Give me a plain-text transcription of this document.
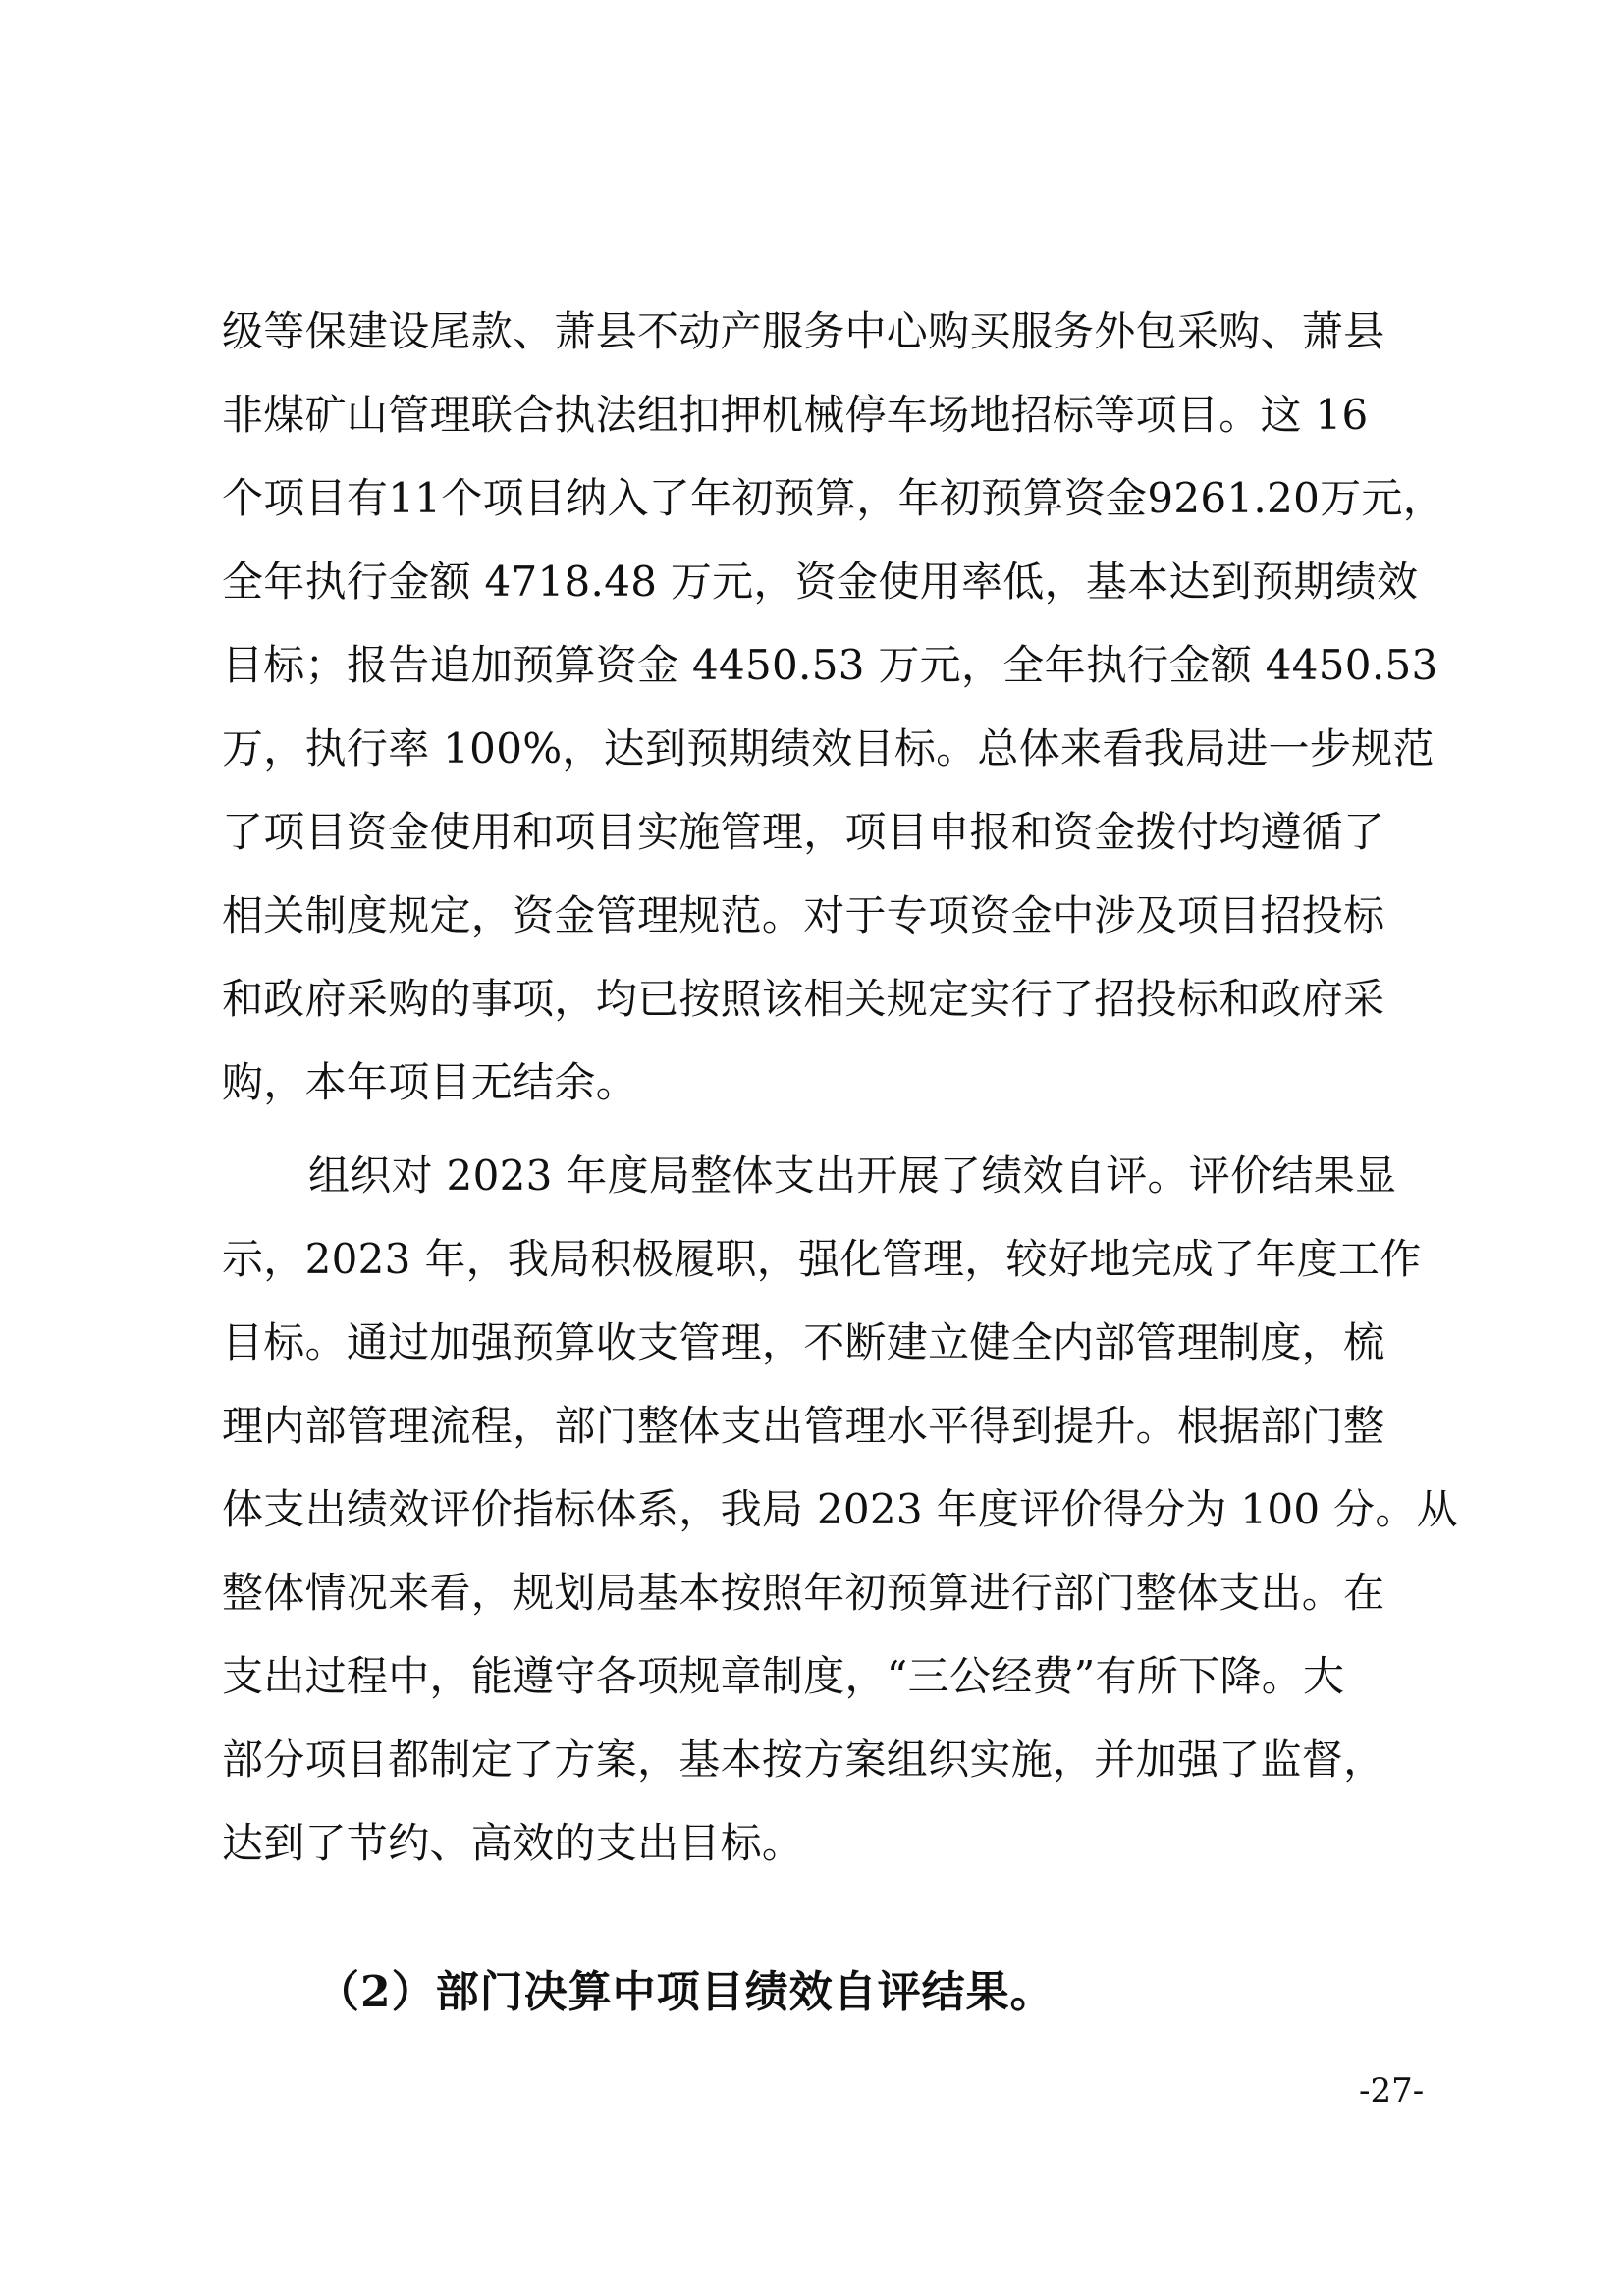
级等保建设尾款、萧县不动产服务中心购买服务外包采购、萧县
非煤矿山管理联合执法组扣押机械停车场地招标等项目。这 16
个项目有11个项目纳入了年初预算，年初预算资金9261.20万元，
全年执行金额 4718.48 万元，资金使用率低，基本达到预期绩效
目标；报告追加预算资金 4450.53 万元，全年执行金额 4450.53
万，执行率 100%，达到预期绩效目标。总体来看我局进一步规范
了项目资金使用和项目实施管理，项目申报和资金拨付均遵循了
相关制度规定，资金管理规范。对于专项资金中涉及项目招投标
和政府采购的事项，均已按照该相关规定实行了招投标和政府采
购，本年项目无结余。
组织对 2023 年度局整体支出开展了绩效自评。评价结果显
示，2023 年，我局积极履职，强化管理，较好地完成了年度工作
目标。通过加强预算收支管理，不断建立健全内部管理制度，梳
理内部管理流程，部门整体支出管理水平得到提升。根据部门整
体支出绩效评价指标体系，我局 2023 年度评价得分为 100 分。从
整体情况来看，规划局基本按照年初预算进行部门整体支出。在
支出过程中，能遵守各项规章制度，“三公经费”有所下降。大
部分项目都制定了方案，基本按方案组织实施，并加强了监督，
达到了节约、高效的支出目标。
（2）部门决算中项目绩效自评结果。
-27-
